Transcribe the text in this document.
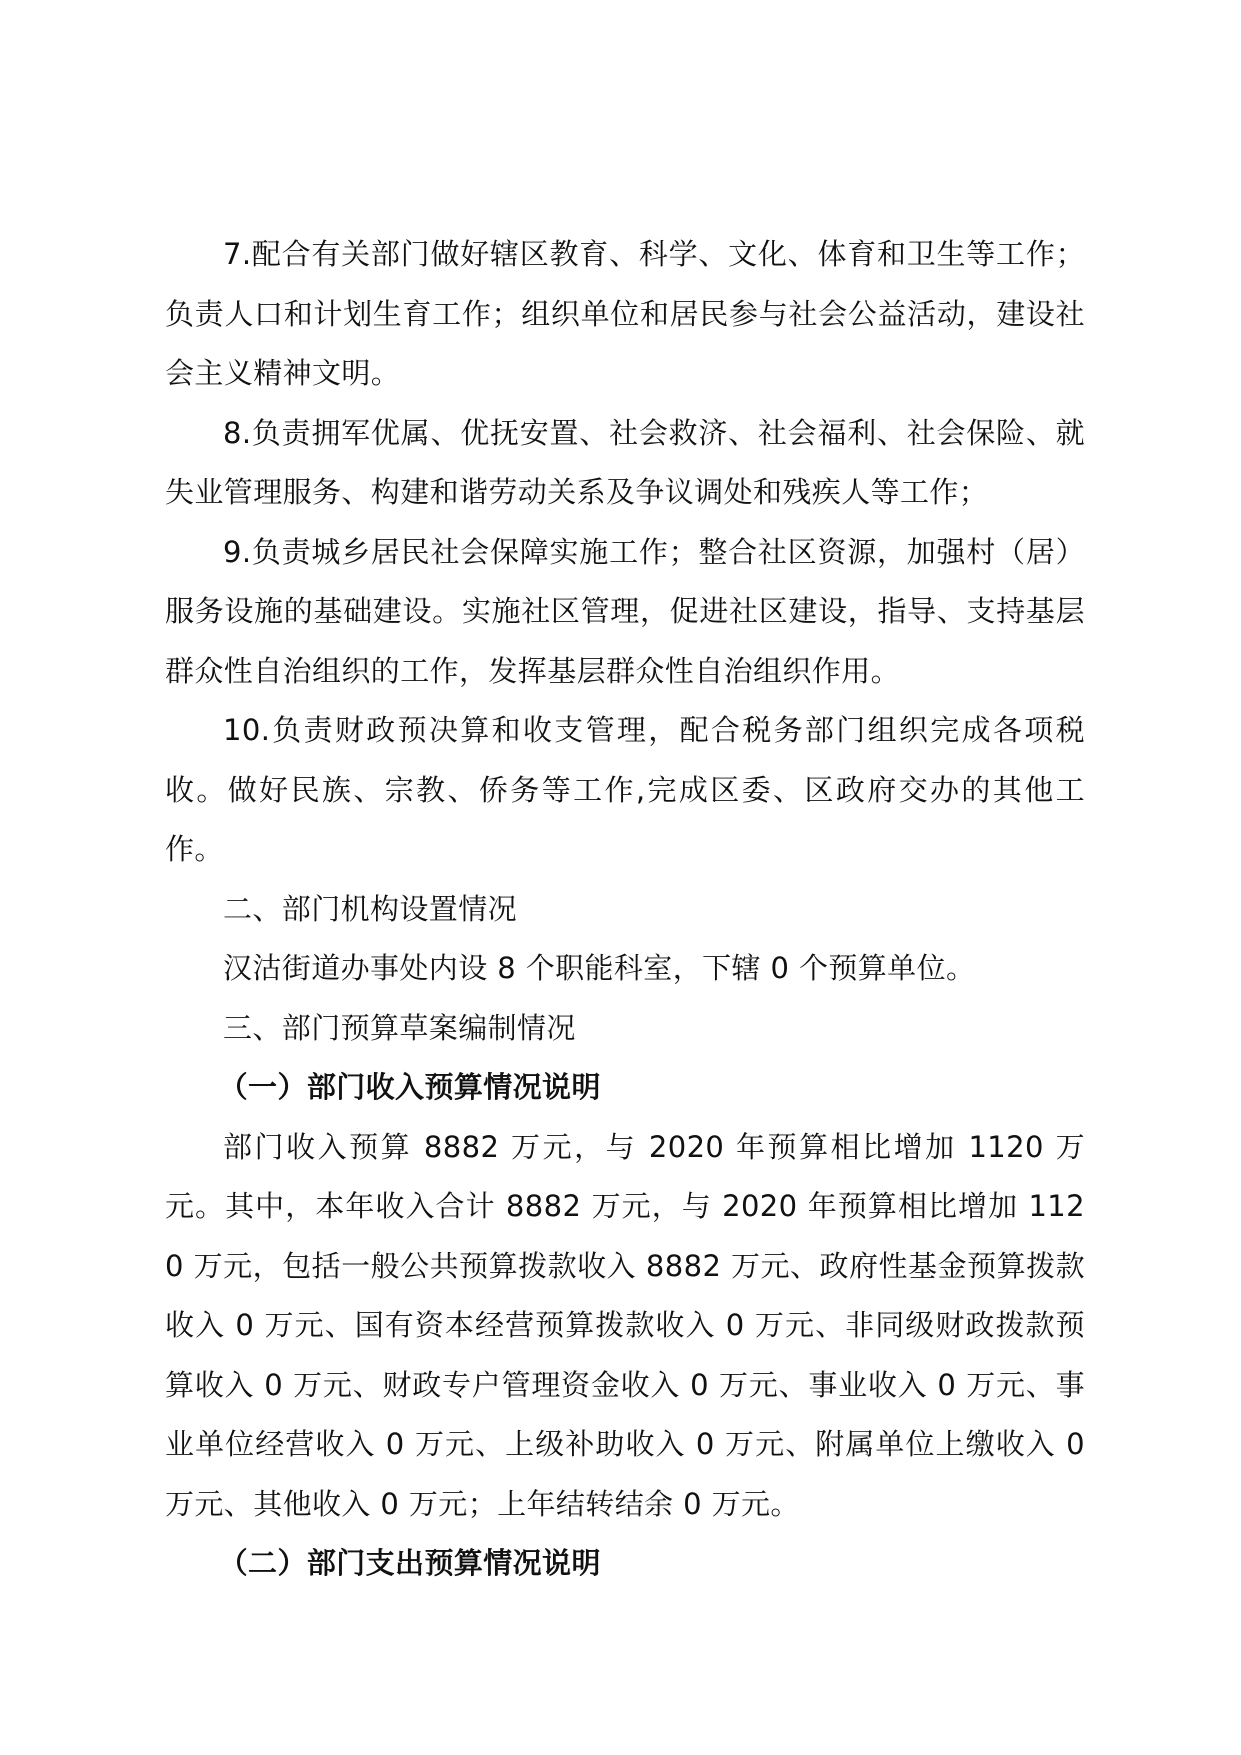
7.配合有关部门做好辖区教育、科学、文化、体育和卫生等工作；负责人口和计划生育工作；组织单位和居民参与社会公益活动，建设社会主义精神文明。

8.负责拥军优属、优抚安置、社会救济、社会福利、社会保险、就失业管理服务、构建和谐劳动关系及争议调处和残疾人等工作；

9.负责城乡居民社会保障实施工作；整合社区资源，加强村（居）服务设施的基础建设。实施社区管理，促进社区建设，指导、支持基层群众性自治组织的工作，发挥基层群众性自治组织作用。

10.负责财政预决算和收支管理，配合税务部门组织完成各项税收。做好民族、宗教、侨务等工作,完成区委、区政府交办的其他工作。

二、部门机构设置情况

汉沽街道办事处内设 8 个职能科室，下辖 0 个预算单位。

三、部门预算草案编制情况

（一）部门收入预算情况说明

部门收入预算 8882 万元，与 2020 年预算相比增加 1120 万元。其中，本年收入合计 8882 万元，与 2020 年预算相比增加 1120 万元，包括一般公共预算拨款收入 8882 万元、政府性基金预算拨款收入 0 万元、国有资本经营预算拨款收入 0 万元、非同级财政拨款预算收入 0 万元、财政专户管理资金收入 0 万元、事业收入 0 万元、事业单位经营收入 0 万元、上级补助收入 0 万元、附属单位上缴收入 0 万元、其他收入 0 万元；上年结转结余 0 万元。

（二）部门支出预算情况说明
